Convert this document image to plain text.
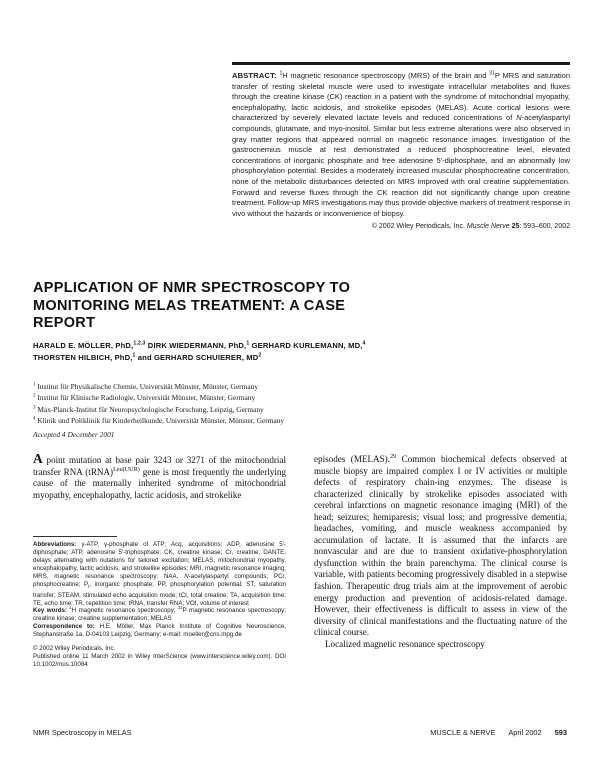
ABSTRACT: $^1$H magnetic resonance spectroscopy (MRS) of the brain and $^{31}$P MRS and saturation transfer of resting skeletal muscle were used to investigate intracellular metabolites and fluxes through the creatine kinase (CK) reaction in a patient with the syndrome of mitochondrial myopathy, encephalopathy, lactic acidosis, and strokelike episodes (MELAS). Acute cortical lesions were characterized by severely elevated lactate levels and reduced concentrations of N-acetylaspartyl compounds, glutamate, and myo-inositol. Similar but less extreme alterations were also observed in gray matter regions that appeared normal on magnetic resonance images. Investigation of the gastrocnemius muscle at rest demonstrated a reduced phosphocreatine level, elevated concentrations of inorganic phosphate and free adenosine 5'-diphosphate, and an abnormally low phosphorylation potential. Besides a moderately increased muscular phosphocreatine concentration, none of the metabolic disturbances detected on MRS improved with oral creatine supplementation. Forward and reverse fluxes through the CK reaction did not significantly change upon creatine treatment. Follow-up MRS investigations may thus provide objective markers of treatment response in vivo without the hazards or inconvenience of biopsy.
© 2002 Wiley Periodicals, Inc. Muscle Nerve 25: 593–600, 2002
APPLICATION OF NMR SPECTROSCOPY TO MONITORING MELAS TREATMENT: A CASE REPORT
HARALD E. MÖLLER, PhD,$^{1,2,3}$ DIRK WIEDERMANN, PhD,$^1$ GERHARD KURLEMANN, MD,$^4$ THORSTEN HILBICH, PhD,$^1$ and GERHARD SCHUIERER, $MD^2$
$^1$ Institut für Physikalische Chemie, Universität Münster, Münster, Germany
$^2$ Institut für Klinische Radiologie, Universität Münster, Münster, Germany
$^3$ Max-Planck-Institut für Neuropsychologische Forschung, Leipzig, Germany
$^4$ Klinik und Poliklinik für Kinderheilkunde, Universität Münster, Münster, Germany
Accepted 4 December 2001
A point mutation at base pair 3243 or 3271 of the mitochondrial transfer RNA (tRNA)$^{Leu(UUR)}$ gene is most frequently the underlying cause of the maternally inherited syndrome of mitochondrial myopathy, encephalopathy, lactic acidosis, and strokelike

Abbreviations: γ-ATP, γ-phosphate of ATP; Acq, acquisitions; ADP, adenosine 5'-diphosphate; ATP, adenosine 5'-triphosphate; CK, creatine kinase; Cr, creatine; DANTE, delays alternating with nutations for tailored excitation; MELAS, mitochondrial myopathy, encephalopathy, lactic acidosis, and strokelike episodes; MRI, magnetic resonance imaging; MRS, magnetic resonance spectroscopy; NAA, N-acetylaspartyl compounds; PCr, phosphocreatine; $P_i$, inorganic phosphate; PP, phosphorylation potential; ST, saturation transfer; STEAM, stimulated echo acquisition mode; tCr, total creatine; TA, acquisition time; TE, echo time; TR, repetition time; tRNA, transfer RNA; VOI, volume of interest

Key words: $^1$H magnetic resonance spectroscopy; $^{31}$P magnetic resonance spectroscopy; creatine kinase; creatine supplementation; MELAS

Correspondence to: H.E. Möller, Max Planck Institute of Cognitive Neuroscience, Stephanstraße 1a, D-04103 Leipzig, Germany; e-mail: moeller@cns.mpg.de

© 2002 Wiley Periodicals, Inc.

Published online 11 March 2002 in Wiley InterScience (www.interscience.wiley.com). DOI 10.1002/mus.10084

episodes (MELAS).$^{29}$ Common biochemical defects observed at muscle biopsy are impaired complex I or IV activities or multiple defects of respiratory chain-ing enzymes. The disease is characterized clinically by strokelike episodes associated with cerebral infarctions on magnetic resonance imaging (MRI) of the head; seizures; hemiparesis; visual loss; and progressive dementia, headaches, vomiting, and muscle weakness accompanied by accumulation of lactate. It is assumed that the infarcts are nonvascular and are due to transient oxidative-phosphorylation dysfunction within the brain parenchyma. The clinical course is variable, with patients becoming progressively disabled in a stepwise fashion. Therapeutic drug trials aim at the improvement of aerobic energy production and prevention of acidosis-related damage. However, their effectiveness is difficult to assess in view of the diversity of clinical manifestations and the fluctuating nature of the clinical course.
Localized magnetic resonance spectroscopy
NMR Spectroscopy in MELAS	MUSCLE & NERVE April 2002 593
